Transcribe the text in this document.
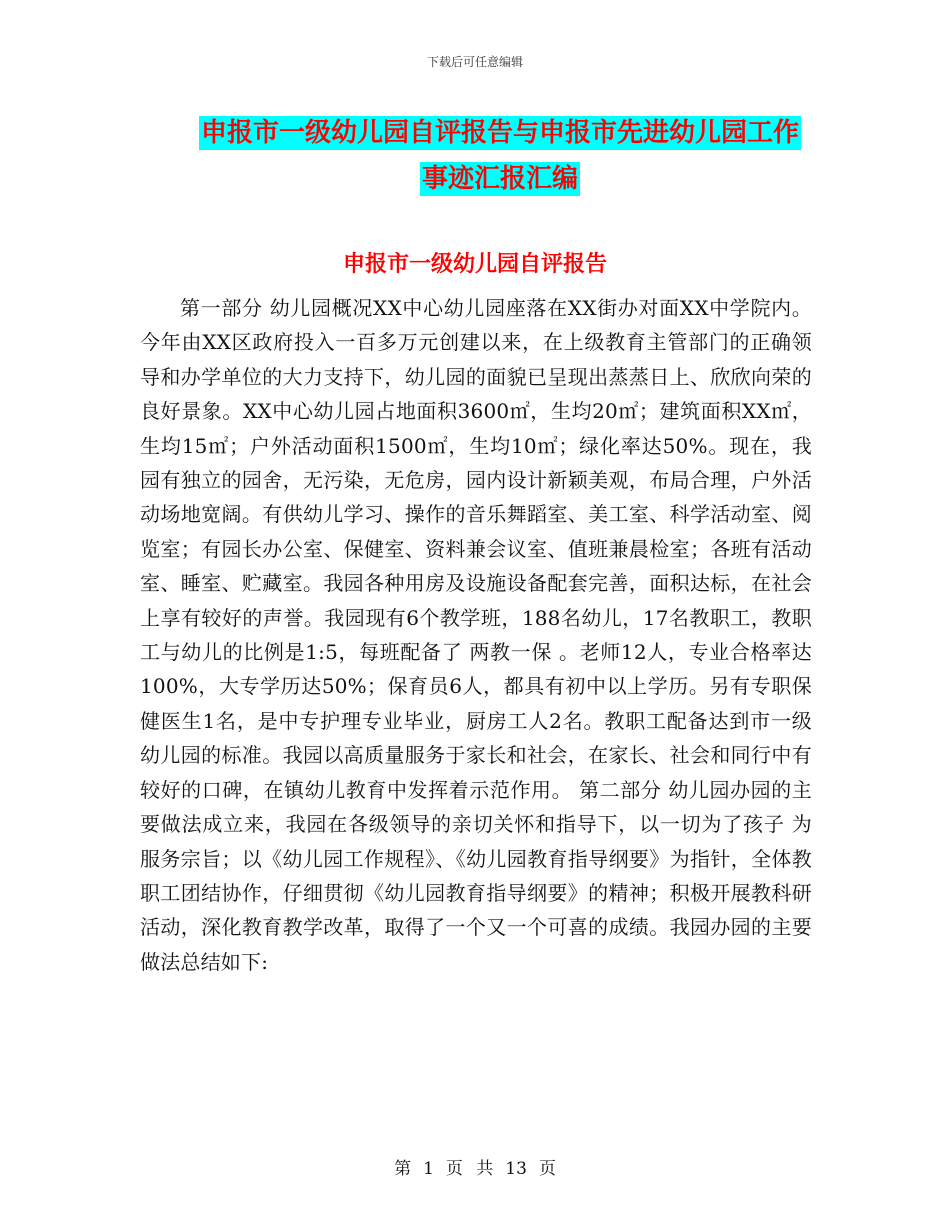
下载后可任意编辑
申报市一级幼儿园自评报告与申报市先进幼儿园工作
事迹汇报汇编
申报市一级幼儿园自评报告

第一部分 幼儿园概况XX中心幼儿园座落在XX街办对面XX中学院内。今年由XX区政府投入一百多万元创建以来，在上级教育主管部门的正确领导和办学单位的大力支持下，幼儿园的面貌已呈现出蒸蒸日上、欣欣向荣的良好景象。XX中心幼儿园占地面积3600㎡，生均20㎡；建筑面积XX㎡，生均15㎡；户外活动面积1500㎡，生均10㎡；绿化率达50%。现在，我园有独立的园舍，无污染，无危房，园内设计新颖美观，布局合理，户外活动场地宽阔。有供幼儿学习、操作的音乐舞蹈室、美工室、科学活动室、阅览室；有园长办公室、保健室、资料兼会议室、值班兼晨检室；各班有活动室、睡室、贮藏室。我园各种用房及设施设备配套完善，面积达标，在社会上享有较好的声誉。我园现有6个教学班，188名幼儿，17名教职工，教职工与幼儿的比例是1:5，每班配备了 两教一保 。老师12人，专业合格率达100%，大专学历达50%；保育员6人，都具有初中以上学历。另有专职保健医生1名，是中专护理专业毕业，厨房工人2名。教职工配备达到市一级幼儿园的标准。我园以高质量服务于家长和社会，在家长、社会和同行中有较好的口碑，在镇幼儿教育中发挥着示范作用。 第二部分 幼儿园办园的主要做法成立来，我园在各级领导的亲切关怀和指导下，以一切为了孩子 为服务宗旨；以《幼儿园工作规程》、《幼儿园教育指导纲要》为指针，全体教职工团结协作，仔细贯彻《幼儿园教育指导纲要》的精神；积极开展教科研活动，深化教育教学改革，取得了一个又一个可喜的成绩。我园办园的主要做法总结如下:

第 1 页 共 13 页
